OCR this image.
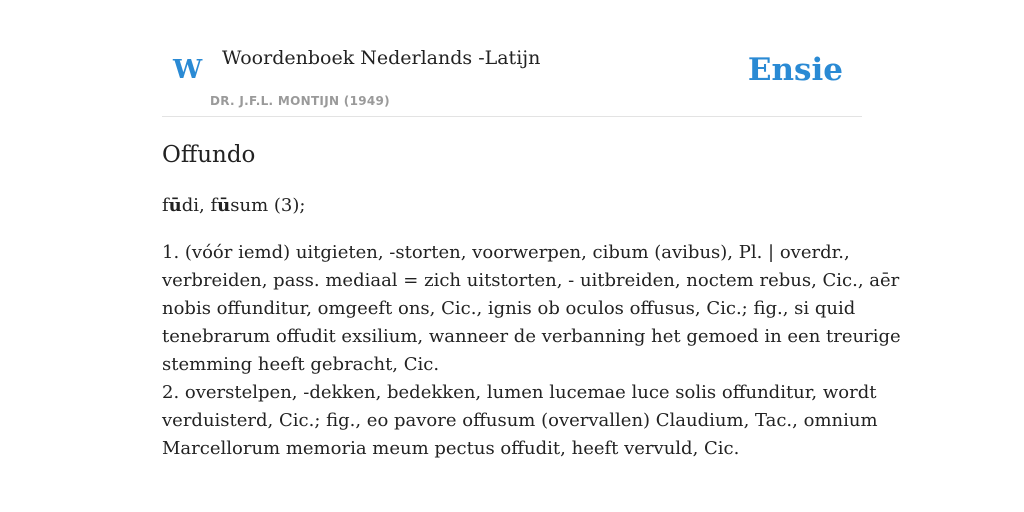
W Woordenboek Nederlands -Latijn
DR. J.F.L. MONTIJN (1949)
Ensie
Offundo

fūdi, fūsum (3);

1. (vóór iemd) uitgieten, -storten, voorwerpen, cibum (avibus), Pl. | overdr.,
verbreiden, pass. mediaal = zich uitstorten, - uitbreiden, noctem rebus, Cic., aēr
nobis offunditur, omgeeft ons, Cic., ignis ob oculos offusus, Cic.; fig., si quid
tenebrarum offudit exsilium, wanneer de verbanning het gemoed in een treurige
stemming heeft gebracht, Cic.
2. overstelpen, -dekken, bedekken, lumen lucemae luce solis offunditur, wordt
verduisterd, Cic.; fig., eo pavore offusum (overvallen) Claudium, Tac., omnium
Marcellorum memoria meum pectus offudit, heeft vervuld, Cic.
